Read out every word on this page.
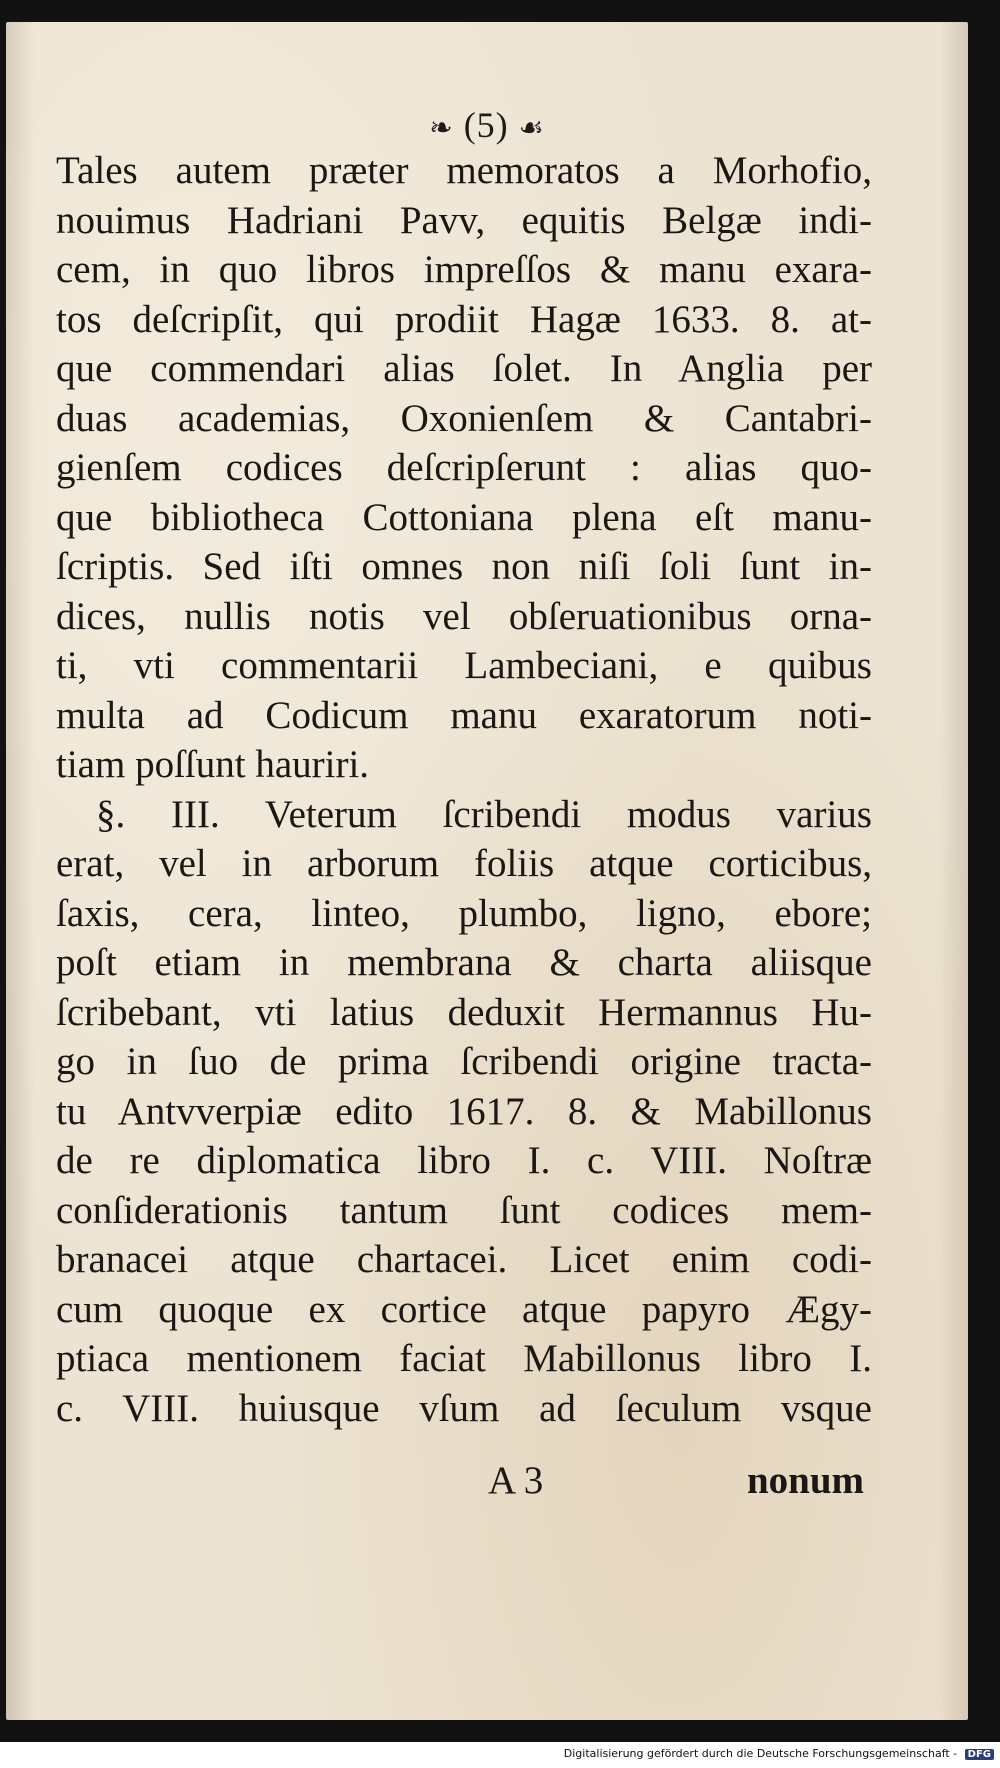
❧ (5) ☙
Tales autem præter memoratos a Morhofio,
nouimus Hadriani Pavv, equitis Belgæ indi-
cem, in quo libros impreſſos & manu exara-
tos deſcripſit, qui prodiit Hagæ 1633. 8. at-
que commendari alias ſolet. In Anglia per
duas academias, Oxonienſem & Cantabri-
gienſem codices deſcripſerunt : alias quo-
que bibliotheca Cottoniana plena eſt manu-
ſcriptis. Sed iſti omnes non niſi ſoli ſunt in-
dices, nullis notis vel obſeruationibus orna-
ti, vti commentarii Lambeciani, e quibus
multa ad Codicum manu exaratorum noti-
tiam poſſunt hauriri.
§. III. Veterum ſcribendi modus varius
erat, vel in arborum foliis atque corticibus,
ſaxis, cera, linteo, plumbo, ligno, ebore;
poſt etiam in membrana & charta aliisque
ſcribebant, vti latius deduxit Hermannus Hu-
go in ſuo de prima ſcribendi origine tracta-
tu Antvverpiæ edito 1617. 8. & Mabillonus
de re diplomatica libro I. c. VIII. Noſtræ
conſiderationis tantum ſunt codices mem-
branacei atque chartacei. Licet enim codi-
cum quoque ex cortice atque papyro Ægy-
ptiaca mentionem faciat Mabillonus libro I.
c. VIII. huiusque vſum ad ſeculum vsque
A 3	nonum
Digitalisierung gefördert durch die Deutsche Forschungsgemeinschaft - DFG
